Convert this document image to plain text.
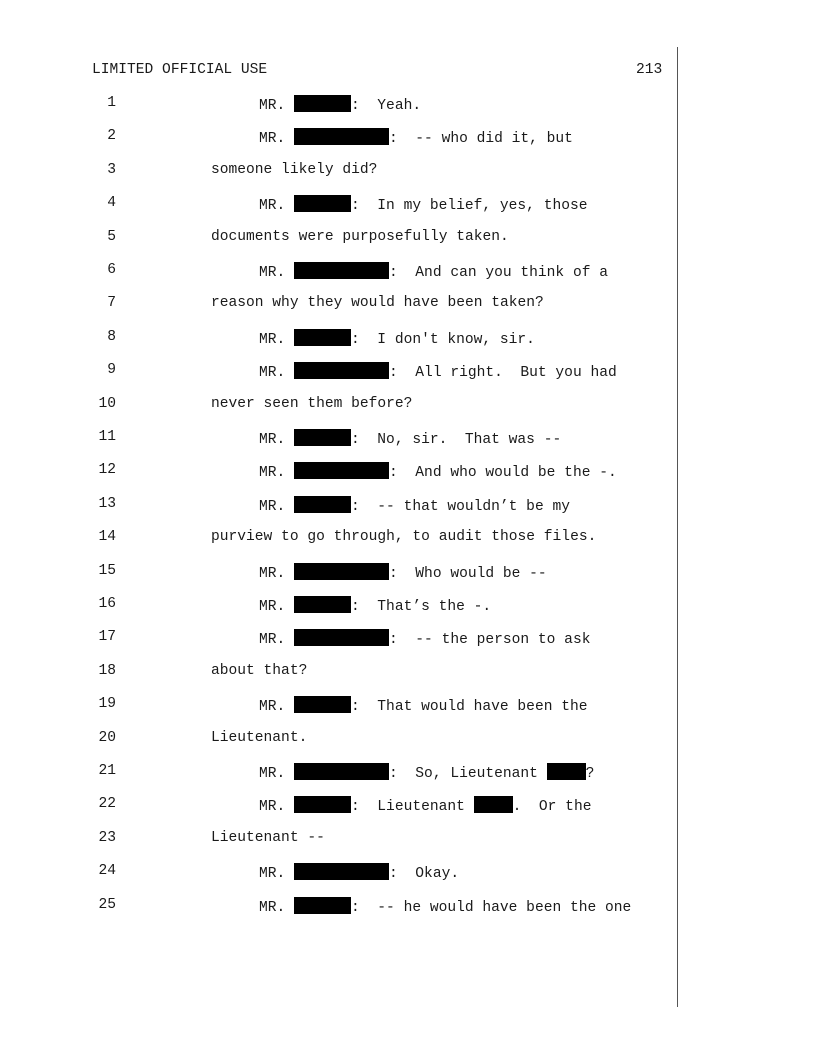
LIMITED OFFICIAL USE	213
1	MR.	:  Yeah.
2	MR.	:  -- who did it, but
3	someone likely did?
4	MR.	:  In my belief, yes, those
5	documents were purposefully taken.
6	MR.	:  And can you think of a
7	reason why they would have been taken?
8	MR.	:  I don't know, sir.
9	MR.	:  All right.  But you had
10	never seen them before?
11	MR.	:  No, sir.  That was --
12	MR.	:  And who would be the -.
13	MR.	:  -- that wouldn’t be my
14	purview to go through, to audit those files.
15	MR.	:  Who would be --
16	MR.	:  That’s the -.
17	MR.	:  -- the person to ask
18	about that?
19	MR.	:  That would have been the
20	Lieutenant.
21	MR.	:  So, Lieutenant	?
22	MR.	:  Lieutenant	.  Or the
23	Lieutenant --
24	MR.	:  Okay.
25	MR.	:  -- he would have been the one
